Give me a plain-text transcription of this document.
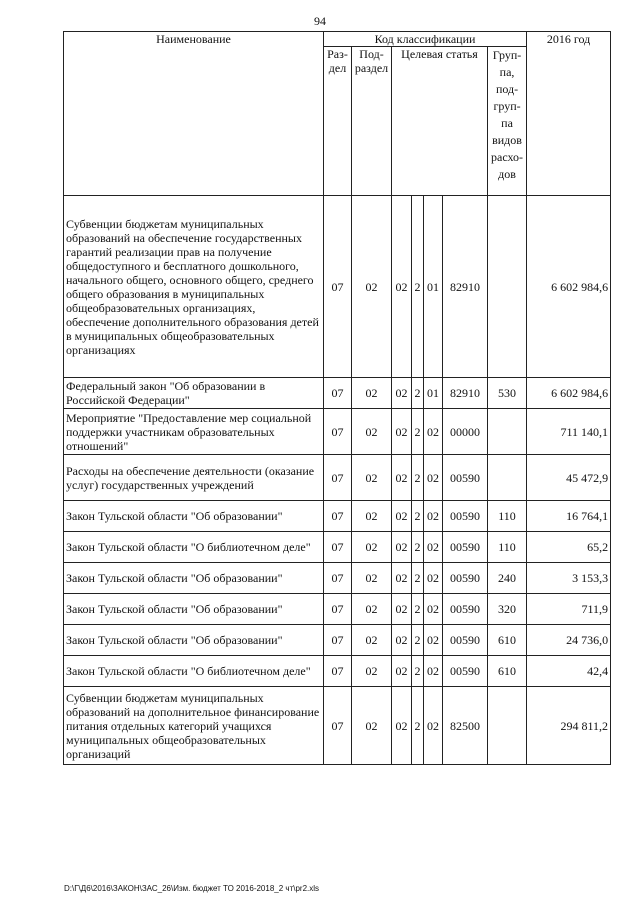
94
Наименование	Код классификации							2016 год
	Раз-дел	Под-раздел	Целевая статья				Груп-па, под-груп-па видов расхо-дов	
Субвенции бюджетам муниципальных образований на обеспечение государственных гарантий реализации прав на получение общедоступного и бесплатного дошкольного, начального общего, основного общего, среднего общего образования в муниципальных общеобразовательных организациях, обеспечение дополнительного образования детей в муниципальных общеобразовательных организациях	07	02	02	2	01	82910		6 602 984,6
Федеральный закон "Об образовании в Российской Федерации"	07	02	02	2	01	82910	530	6 602 984,6
Мероприятие "Предоставление мер социальной поддержки участникам образовательных отношений"	07	02	02	2	02	00000		711 140,1
Расходы на обеспечение деятельности (оказание услуг) государственных учреждений	07	02	02	2	02	00590		45 472,9
Закон Тульской области "Об образовании"	07	02	02	2	02	00590	110	16 764,1
Закон Тульской области "О библиотечном деле"	07	02	02	2	02	00590	110	65,2
Закон Тульской области "Об образовании"	07	02	02	2	02	00590	240	3 153,3
Закон Тульской области "Об образовании"	07	02	02	2	02	00590	320	711,9
Закон Тульской области "Об образовании"	07	02	02	2	02	00590	610	24 736,0
Закон Тульской области "О библиотечном деле"	07	02	02	2	02	00590	610	42,4
Субвенции бюджетам муниципальных образований на дополнительное финансирование питания отдельных категорий учащихся муниципальных общеобразовательных организаций	07	02	02	2	02	82500		294 811,2
D:\Г\Д6\2016\ЗАКОН\ЗАС_26\Изм. бюджет ТО 2016-2018_2 чт\pr2.xls
